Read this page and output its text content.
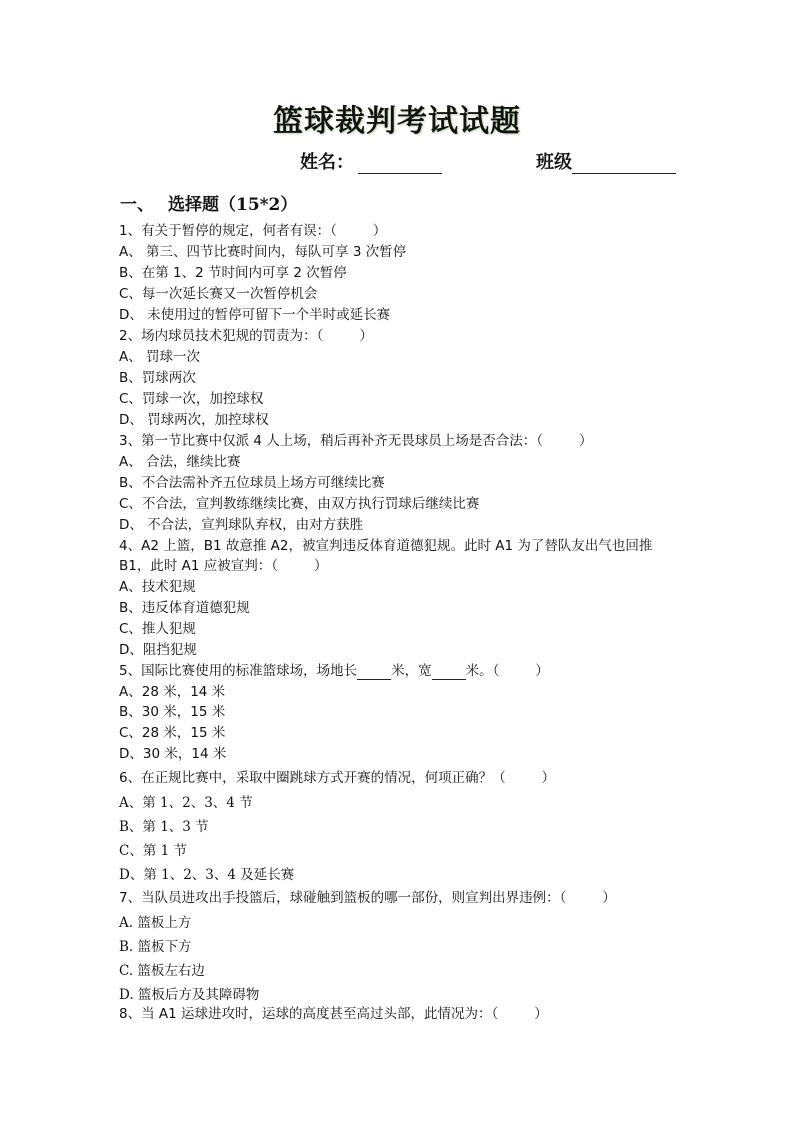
篮球裁判考试试题
姓名：	班级
一、 选择题（15*2）
1、有关于暂停的规定，何者有误：（	）
A、 第三、四节比赛时间内，每队可享 3 次暂停
B、在第 1、2 节时间内可享 2 次暂停
C、每一次延长赛又一次暂停机会
D、 未使用过的暂停可留下一个半时或延长赛
2、场内球员技术犯规的罚责为：（	）
A、 罚球一次
B、罚球两次
C、罚球一次，加控球权
D、 罚球两次，加控球权
3、第一节比赛中仅派 4 人上场，稍后再补齐无畏球员上场是否合法：（	）
A、 合法，继续比赛
B、不合法需补齐五位球员上场方可继续比赛
C、不合法，宣判教练继续比赛，由双方执行罚球后继续比赛
D、 不合法，宣判球队弃权，由对方获胜
4、A2 上篮，B1 故意推 A2，被宣判违反体育道德犯规。此时 A1 为了替队友出气也回推
B1，此时 A1 应被宣判：（	）
A、技术犯规
B、违反体育道德犯规
C、推人犯规
D、阻挡犯规
5、国际比赛使用的标准篮球场，场地长	米，宽	米。（	）
A、28 米，14 米
B、30 米，15 米
C、28 米，15 米
D、30 米，14 米
6、在正规比赛中，采取中圈跳球方式开赛的情况，何项正确？（	）
A、第 1、2、3、4 节
B、第 1、3 节
C、第 1 节
D、第 1、2、3、4 及延长赛
7、当队员进攻出手投篮后，球碰触到篮板的哪一部份，则宣判出界违例：（	）
A. 篮板上方
B. 篮板下方
C. 篮板左右边
D. 篮板后方及其障碍物
8、当 A1 运球进攻时，运球的高度甚至高过头部，此情况为：（	）
